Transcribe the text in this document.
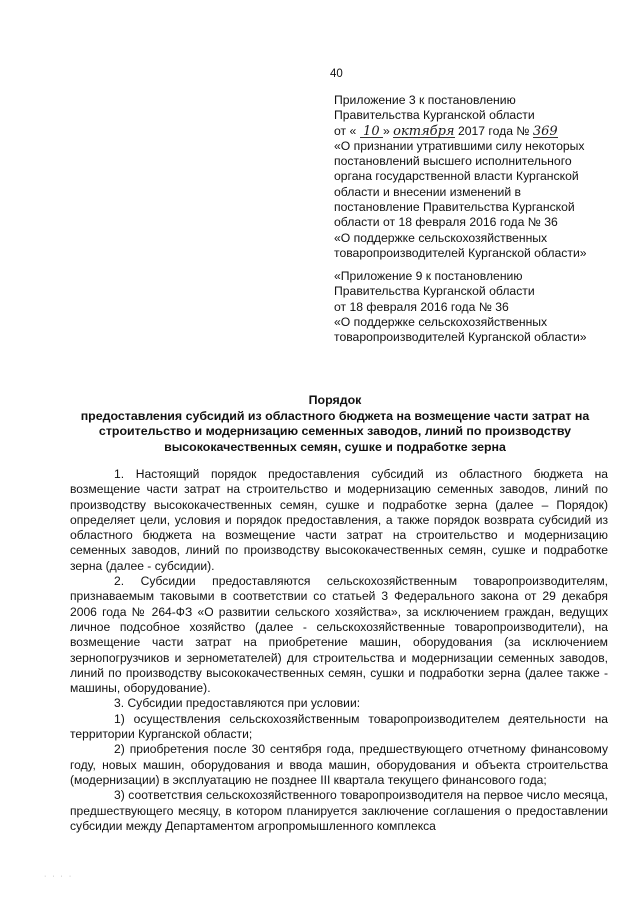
40

Приложение 3 к постановлению

Правительства Курганской области

от « 10 » октября 2017 года № 369

«О признании утратившими силу некоторых

постановлений высшего исполнительного

органа государственной власти Курганской

области и внесении изменений в

постановление Правительства Курганской

области от 18 февраля 2016 года № 36

«О поддержке сельскохозяйственных

товаропроизводителей Курганской области»

«Приложение 9 к постановлению

Правительства Курганской области

от 18 февраля 2016 года № 36

«О поддержке сельскохозяйственных

товаропроизводителей Курганской области»

Порядок

предоставления субсидий из областного бюджета на возмещение части затрат на строительство и модернизацию семенных заводов, линий по производству высококачественных семян, сушке и подработке зерна

1. Настоящий порядок предоставления субсидий из областного бюджета на возмещение части затрат на строительство и модернизацию семенных заводов, линий по производству высококачественных семян, сушке и подработке зерна (далее – Порядок) определяет цели, условия и порядок предоставления, а также порядок возврата субсидий из областного бюджета на возмещение части затрат на строительство и модернизацию семенных заводов, линий по производству высококачественных семян, сушке и подработке зерна (далее - субсидии).

2. Субсидии предоставляются сельскохозяйственным товаропроизводителям, признаваемым таковыми в соответствии со статьей 3 Федерального закона от 29 декабря 2006 года № 264-ФЗ «О развитии сельского хозяйства», за исключением граждан, ведущих личное подсобное хозяйство (далее - сельскохозяйственные товаропроизводители), на возмещение части затрат на приобретение машин, оборудования (за исключением зернопогрузчиков и зернометателей) для строительства и модернизации семенных заводов, линий по производству высококачественных семян, сушки и подработки зерна (далее также - машины, оборудование).

3. Субсидии предоставляются при условии:

1) осуществления сельскохозяйственным товаропроизводителем деятельности на территории Курганской области;

2) приобретения после 30 сентября года, предшествующего отчетному финансовому году, новых машин, оборудования и ввода машин, оборудования и объекта строительства (модернизации) в эксплуатацию не позднее III квартала текущего финансового года;

3) соответствия сельскохозяйственного товаропроизводителя на первое число месяца, предшествующего месяцу, в котором планируется заключение соглашения о предоставлении субсидии между Департаментом агропромышленного комплекса

· · · ·
